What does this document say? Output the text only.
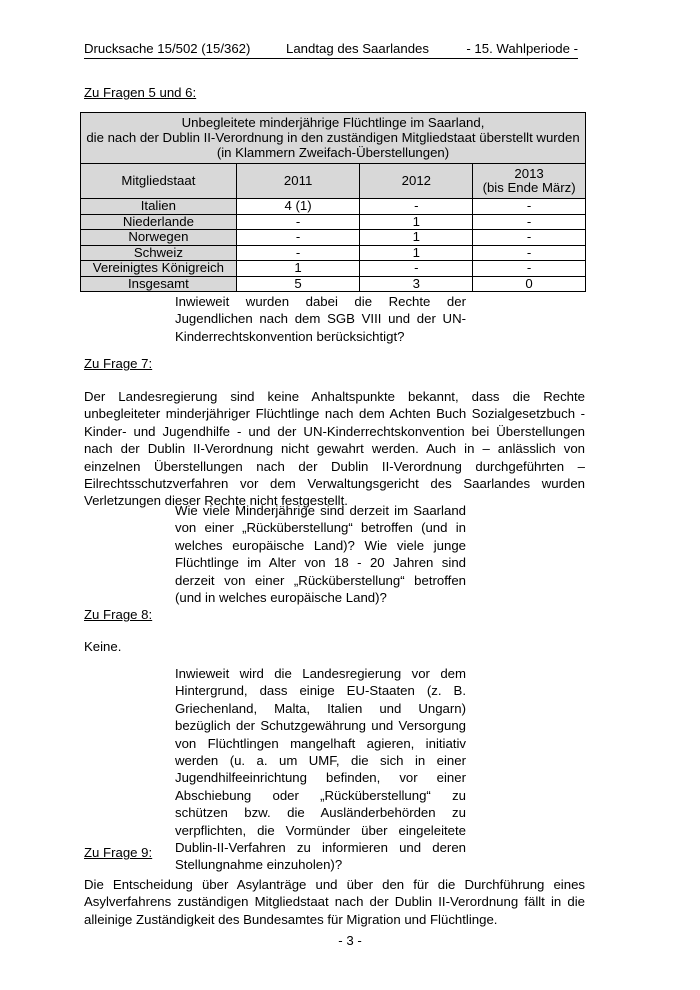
Drucksache 15/502 (15/362)	Landtag des Saarlandes	- 15. Wahlperiode -
Zu Fragen 5 und 6:
Unbegleitete minderjährige Flüchtlinge im Saarland,
die nach der Dublin II-Verordnung in den zuständigen Mitgliedstaat überstellt wurden
(in Klammern Zweifach-Überstellungen)			

Mitgliedstaat	2011	2012	2013
(bis Ende März)

Italien	4 (1)	-	-
Niederlande	-	1	-
Norwegen	-	1	-
Schweiz	-	1	-
Vereinigtes Königreich	1	-	-
Insgesamt	5	3	0
Inwieweit wurden dabei die Rechte der Jugendlichen nach dem SGB VIII und der UN-Kinderrechtskonvention berücksichtigt?
Zu Frage 7:
Der Landesregierung sind keine Anhaltspunkte bekannt, dass die Rechte unbegleiteter minderjähriger Flüchtlinge nach dem Achten Buch Sozialgesetzbuch - Kinder- und Jugendhilfe - und der UN-Kinderrechtskonvention bei Überstellungen nach der Dublin II-Verordnung nicht gewahrt werden. Auch in – anlässlich von einzelnen Überstellungen nach der Dublin II-Verordnung durchgeführten – Eilrechtsschutzverfahren vor dem Verwaltungsgericht des Saarlandes wurden Verletzungen dieser Rechte nicht festgestellt.
Wie viele Minderjährige sind derzeit im Saarland von einer „Rücküberstellung“ betroffen (und in welches europäische Land)? Wie viele junge Flüchtlinge im Alter von 18 - 20 Jahren sind derzeit von einer „Rücküberstellung“ betroffen (und in welches europäische Land)?
Zu Frage 8:
Keine.
Inwieweit wird die Landesregierung vor dem Hintergrund, dass einige EU-Staaten (z. B. Griechenland, Malta, Italien und Ungarn) bezüglich der Schutzgewährung und Versorgung von Flüchtlingen mangelhaft agieren, initiativ werden (u. a. um UMF, die sich in einer Jugendhilfeeinrichtung befinden, vor einer Abschiebung oder „Rücküberstellung“ zu schützen bzw. die Ausländerbehörden zu verpflichten, die Vormünder über eingeleitete Dublin-II-Verfahren zu informieren und deren Stellungnahme einzuholen)?
Zu Frage 9:
Die Entscheidung über Asylanträge und über den für die Durchführung eines Asylverfahrens zuständigen Mitgliedstaat nach der Dublin II-Verordnung fällt in die alleinige Zuständigkeit des Bundesamtes für Migration und Flüchtlinge.
- 3 -
